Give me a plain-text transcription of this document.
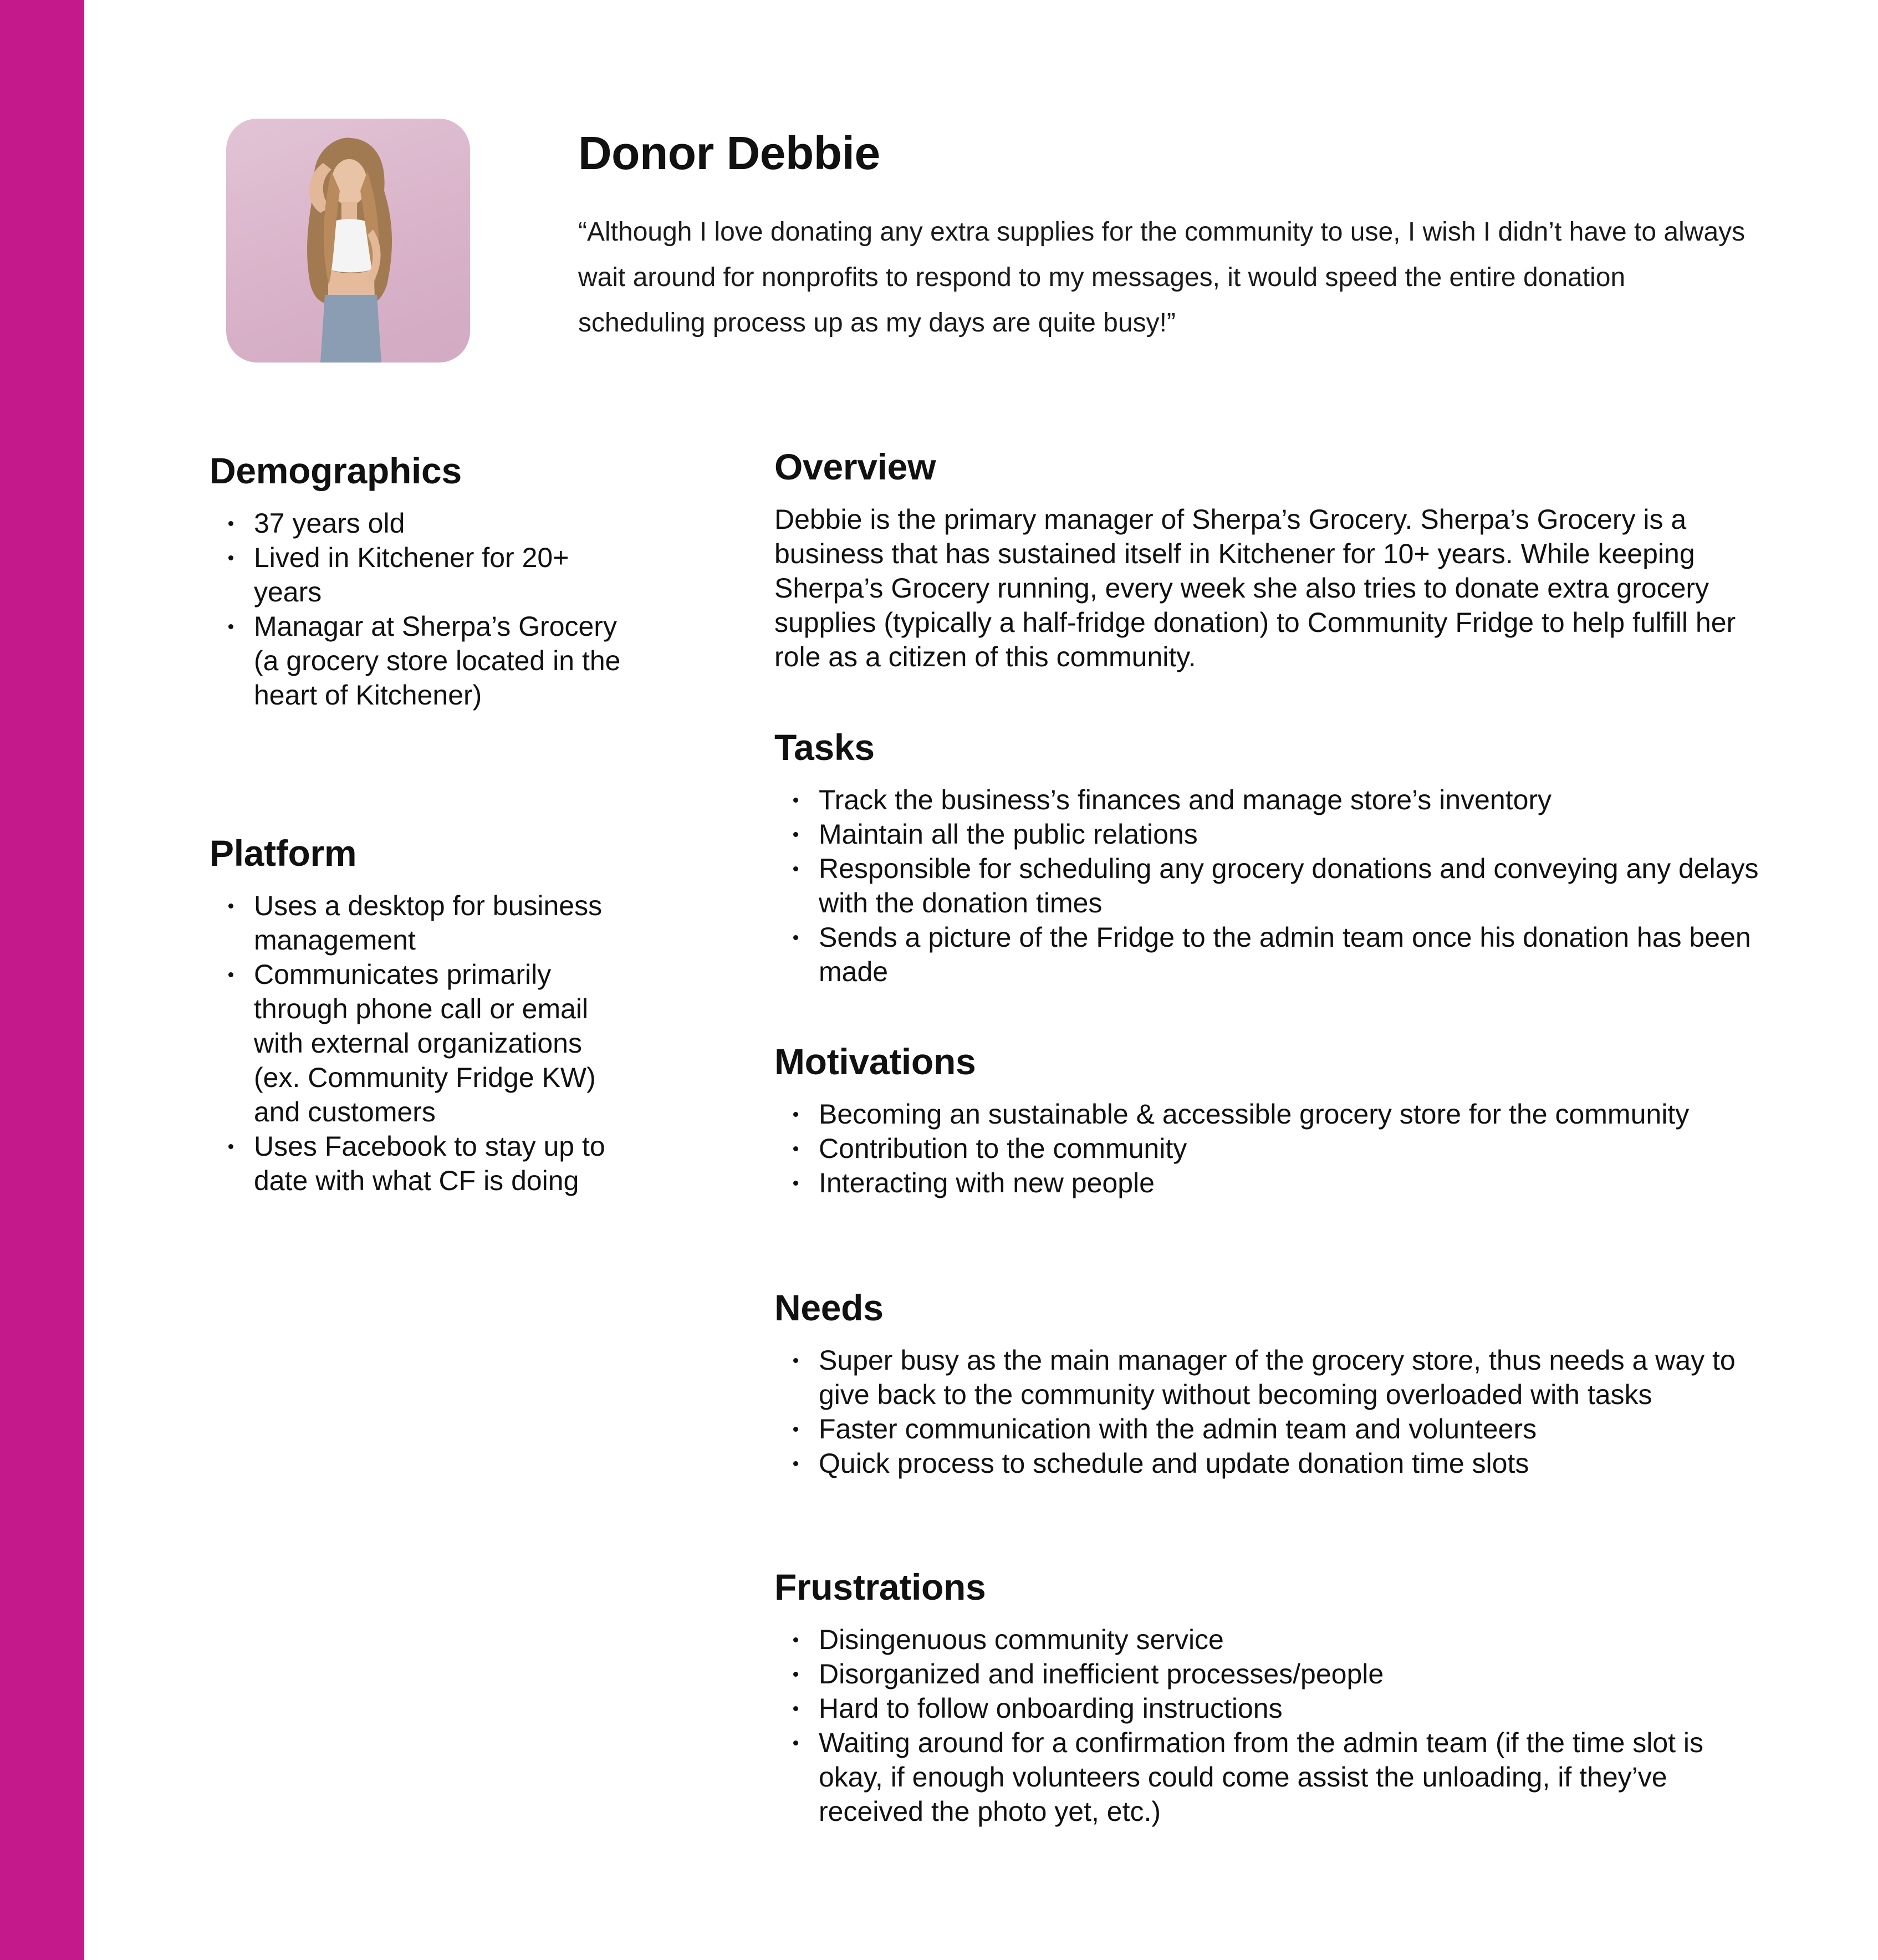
Donor Debbie

“Although I love donating any extra supplies for the community to use, I wish I didn’t have to always wait around for nonprofits to respond to my messages, it would speed the entire donation scheduling process up as my days are quite busy!”

Demographics
37 years old
Lived in Kitchener for 20+ years
Managar at Sherpa’s Grocery (a grocery store located in the heart of Kitchener)
Platform
Uses a desktop for business management
Communicates primarily through phone call or email with external organizations (ex. Community Fridge KW) and customers
Uses Facebook to stay up to date with what CF is doing
Overview

Debbie is the primary manager of Sherpa’s Grocery. Sherpa’s Grocery is a business that has sustained itself in Kitchener for 10+ years. While keeping Sherpa’s Grocery running, every week she also tries to donate extra grocery supplies (typically a half-fridge donation) to Community Fridge to help fulfill her role as a citizen of this community.

Tasks
Track the business’s finances and manage store’s inventory
Maintain all the public relations
Responsible for scheduling any grocery donations and conveying any delays with the donation times
Sends a picture of the Fridge to the admin team once his donation has been made
Motivations
Becoming an sustainable & accessible grocery store for the community
Contribution to the community
Interacting with new people
Needs
Super busy as the main manager of the grocery store, thus needs a way to give back to the community without becoming overloaded with tasks
Faster communication with the admin team and volunteers
Quick process to schedule and update donation time slots
Frustrations
Disingenuous community service
Disorganized and inefficient processes/people
Hard to follow onboarding instructions
Waiting around for a confirmation from the admin team (if the time slot is okay, if enough volunteers could come assist the unloading, if they’ve received the photo yet, etc.)
